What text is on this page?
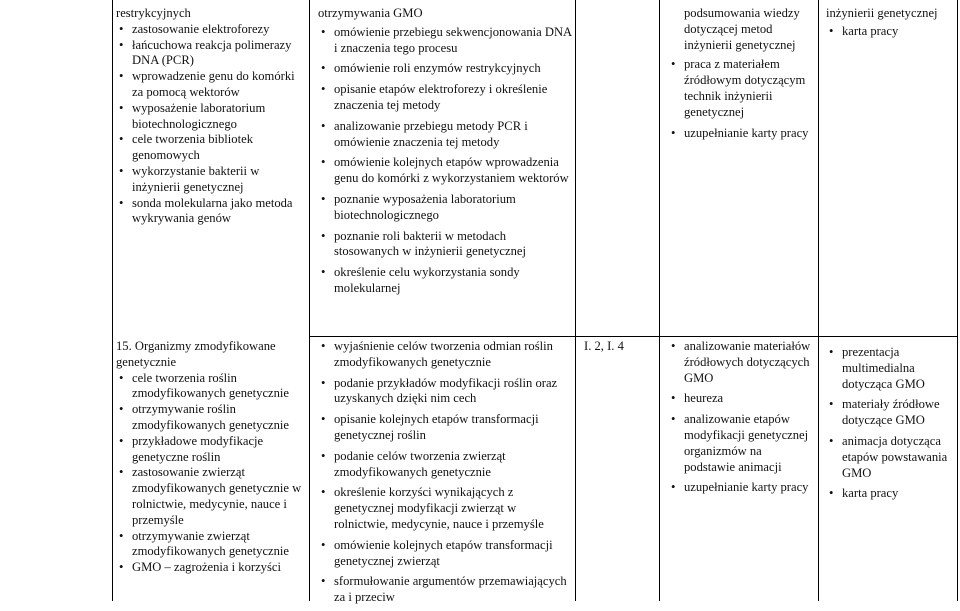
restrykcyjnych

• zastosowanie elektroforezy
• łańcuchowa reakcja polimerazy DNA (PCR)
• wprowadzenie genu do komórki za pomocą wektorów
• wyposażenie laboratorium biotechnologicznego
• cele tworzenia bibliotek genomowych
• wykorzystanie bakterii w inżynierii genetycznej
• sonda molekularna jako metoda wykrywania genów

15. Organizmy zmodyfikowane genetycznie

• cele tworzenia roślin zmodyfikowanych genetycznie
• otrzymywanie roślin zmodyfikowanych genetycznie
• przykładowe modyfikacje genetyczne roślin
• zastosowanie zwierząt zmodyfikowanych genetycznie w rolnictwie, medycynie, nauce i przemyśle
• otrzymywanie zwierząt zmodyfikowanych genetycznie
• GMO – zagrożenia i korzyści

otrzymywania GMO

• omówienie przebiegu sekwencjonowania DNA i znaczenia tego procesu
• omówienie roli enzymów restrykcyjnych
• opisanie etapów elektroforezy i określenie znaczenia tej metody
• analizowanie przebiegu metody PCR i omówienie znaczenia tej metody
• omówienie kolejnych etapów wprowadzenia genu do komórki z wykorzystaniem wektorów
• poznanie wyposażenia laboratorium biotechnologicznego
• poznanie roli bakterii w metodach stosowanych w inżynierii genetycznej
• określenie celu wykorzystania sondy molekularnej
• wyjaśnienie celów tworzenia odmian roślin zmodyfikowanych genetycznie
• podanie przykładów modyfikacji roślin oraz uzyskanych dzięki nim cech
• opisanie kolejnych etapów transformacji genetycznej roślin
• podanie celów tworzenia zwierząt zmodyfikowanych genetycznie
• określenie korzyści wynikających z genetycznej modyfikacji zwierząt w rolnictwie, medycynie, nauce i przemyśle
• omówienie kolejnych etapów transformacji genetycznej zwierząt
• sformułowanie argumentów przemawiających za i przeciw

I. 2, I. 4

podsumowania wiedzy dotyczącej metod inżynierii genetycznej

• praca z materiałem źródłowym dotyczącym technik inżynierii genetycznej
• uzupełnianie karty pracy
• analizowanie materiałów źródłowych dotyczących GMO
• heureza
• analizowanie etapów modyfikacji genetycznej organizmów na podstawie animacji
• uzupełnianie karty pracy

inżynierii genetycznej

• karta pracy
• prezentacja multimedialna dotycząca GMO
• materiały źródłowe dotyczące GMO
• animacja dotycząca etapów powstawania GMO
• karta pracy
